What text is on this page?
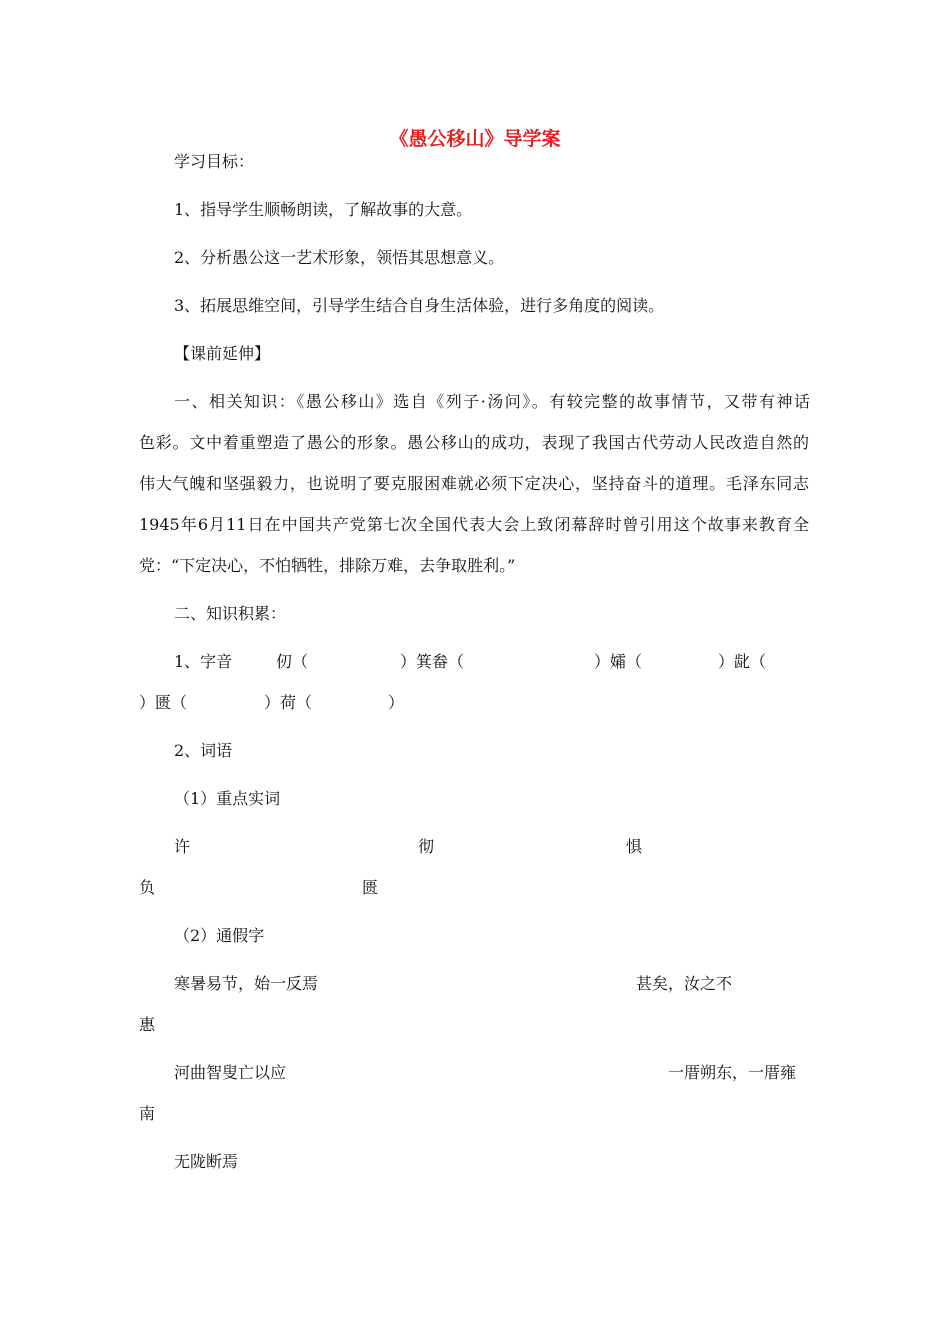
《愚公移山》导学案
学习目标：
1、指导学生顺畅朗读，了解故事的大意。
2、分析愚公这一艺术形象，领悟其思想意义。
3、拓展思维空间，引导学生结合自身生活体验，进行多角度的阅读。
【课前延伸】
一、相关知识：《愚公移山》选自《列子·汤问》。有较完整的故事情节，又带有神话
色彩。文中着重塑造了愚公的形象。愚公移山的成功，表现了我国古代劳动人民改造自然的
伟大气魄和坚强毅力，也说明了要克服困难就必须下定决心，坚持奋斗的道理。毛泽东同志
1945年6月11日在中国共产党第七次全国代表大会上致闭幕辞时曾引用这个故事来教育全
党：“下定决心，不怕牺牲，排除万难，去争取胜利。”
二、知识积累：
1、字音	仞（	）箕畚（	）孀（	）龀（
）匮（	）荷（	）
2、词语
（1）重点实词
许	彻	惧
负	匮
（2）通假字
寒暑易节，始一反焉	甚矣，汝之不
惠
河曲智叟亡以应	一厝朔东，一厝雍
南
无陇断焉
